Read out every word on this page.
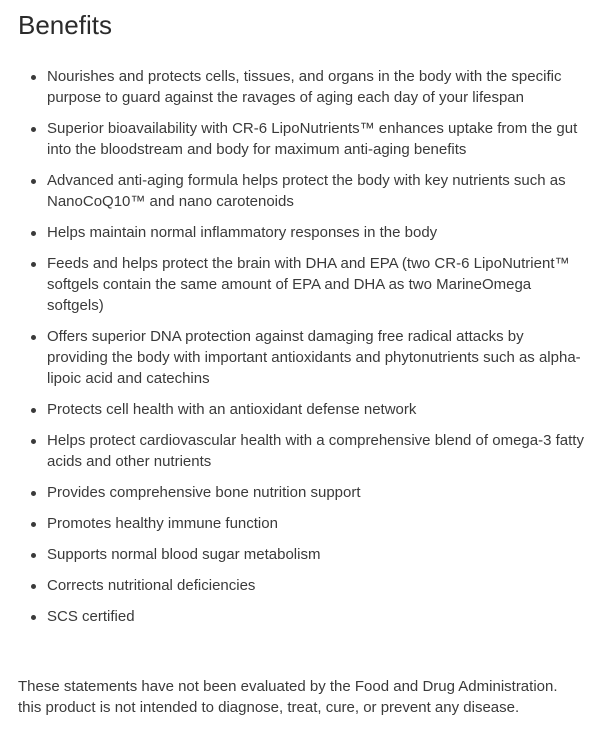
Benefits
Nourishes and protects cells, tissues, and organs in the body with the specific purpose to guard against the ravages of aging each day of your lifespan
Superior bioavailability with CR-6 LipoNutrients™ enhances uptake from the gut into the bloodstream and body for maximum anti-aging benefits
Advanced anti-aging formula helps protect the body with key nutrients such as NanoCoQ10™ and nano carotenoids
Helps maintain normal inflammatory responses in the body
Feeds and helps protect the brain with DHA and EPA (two CR-6 LipoNutrient™ softgels contain the same amount of EPA and DHA as two MarineOmega softgels)
Offers superior DNA protection against damaging free radical attacks by providing the body with important antioxidants and phytonutrients such as alpha-lipoic acid and catechins
Protects cell health with an antioxidant defense network
Helps protect cardiovascular health with a comprehensive blend of omega-3 fatty acids and other nutrients
Provides comprehensive bone nutrition support
Promotes healthy immune function
Supports normal blood sugar metabolism
Corrects nutritional deficiencies
SCS certified

These statements have not been evaluated by the Food and Drug Administration. this product is not intended to diagnose, treat, cure, or prevent any disease.
